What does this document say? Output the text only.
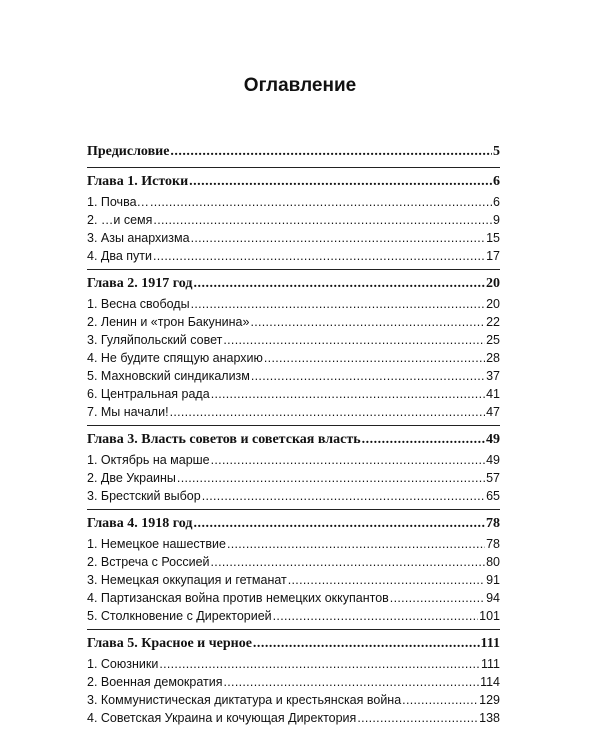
Оглавление
Предисловие .....	5
Глава 1. Истоки .....	6
1. Почва… .....	6
2. …и семя .....	9
3. Азы анархизма .....	15
4. Два пути .....	17
Глава 2. 1917 год .....	20
1. Весна свободы .....	20
2. Ленин и «трон Бакунина» .....	22
3. Гуляйпольский совет .....	25
4. Не будите спящую анархию .....	28
5. Махновский синдикализм .....	37
6. Центральная рада .....	41
7. Мы начали! .....	47
Глава 3. Власть советов и советская власть .....	49
1. Октябрь на марше .....	49
2. Две Украины .....	57
3. Брестский выбор .....	65
Глава 4. 1918 год .....	78
1. Немецкое нашествие .....	78
2. Встреча с Россией .....	80
3. Немецкая оккупация и гетманат .....	91
4. Партизанская война против немецких оккупантов .....	94
5. Столкновение с Директорией .....	101
Глава 5. Красное и черное .....	111
1. Союзники .....	111
2. Военная демократия .....	114
3. Коммунистическая диктатура и крестьянская война .....	129
4. Советская Украина и кочующая Директория .....	138
